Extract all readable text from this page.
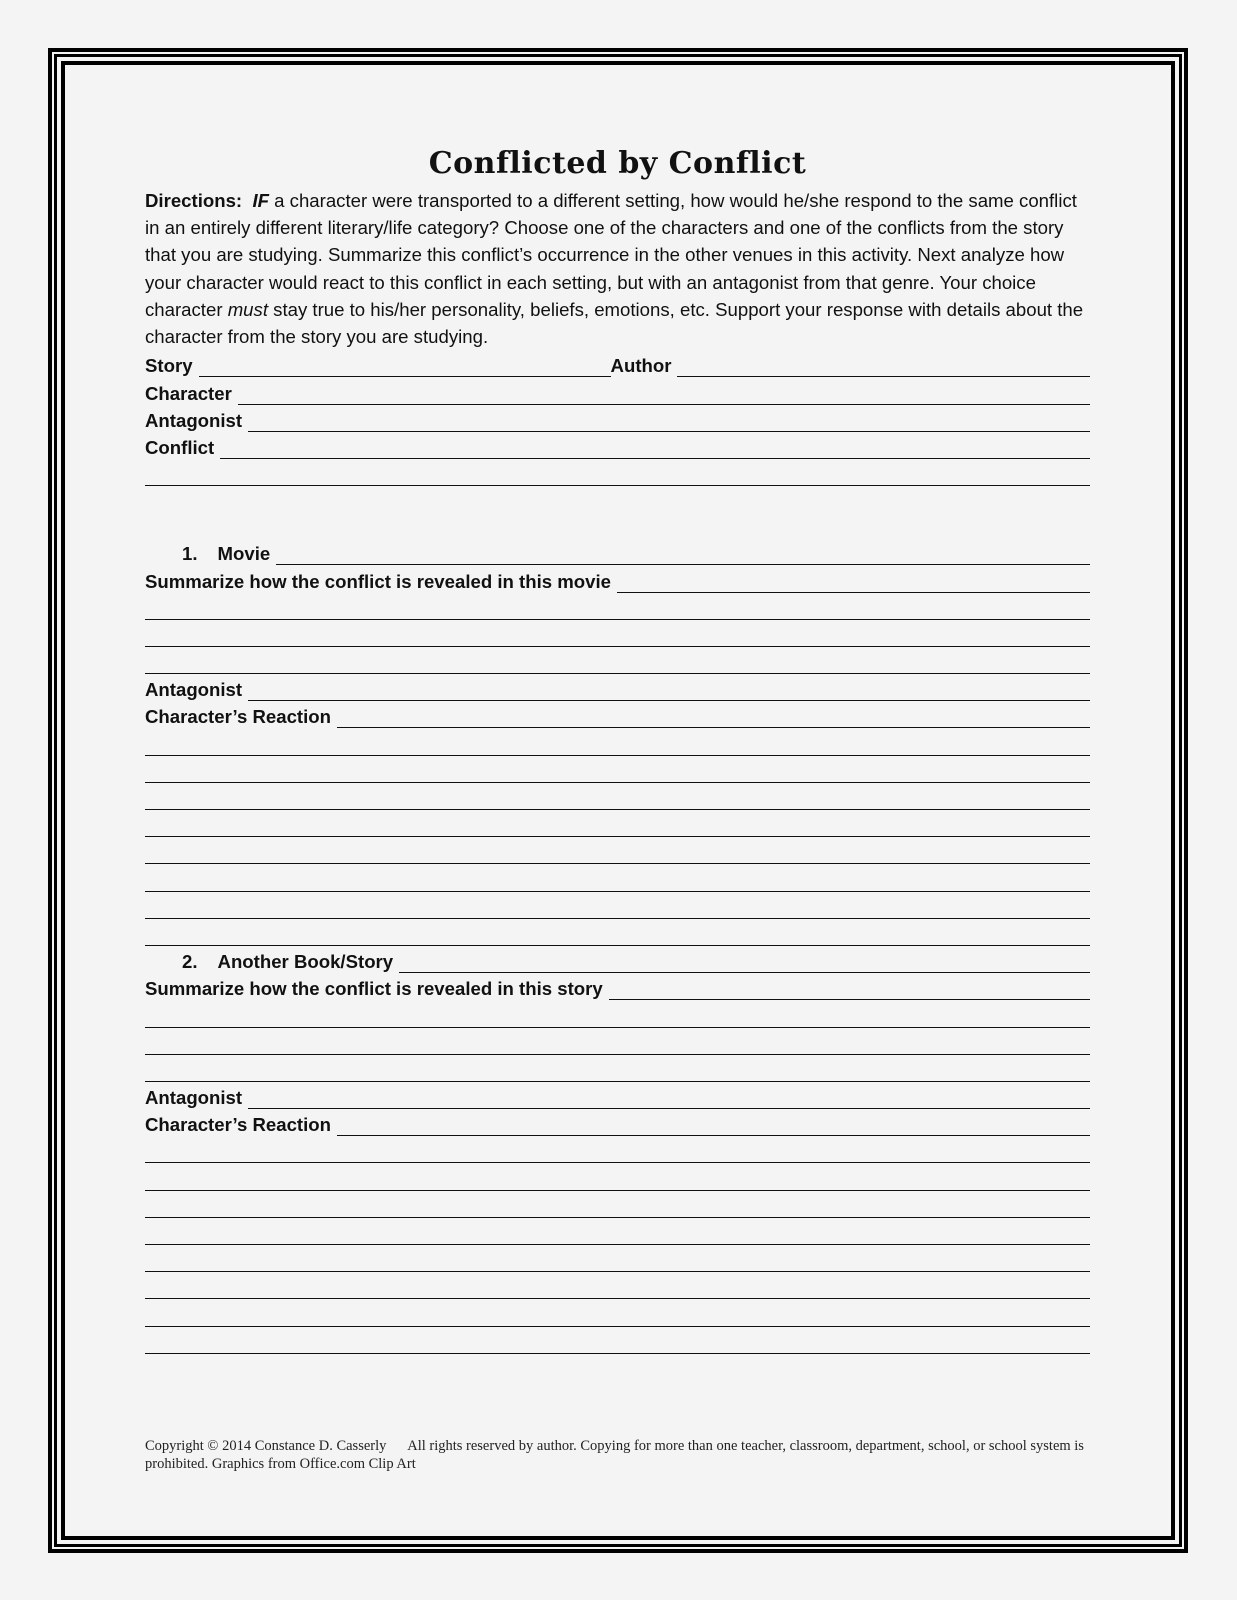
Conflicted by Conflict

Directions: IF a character were transported to a different setting, how would he/she respond to the same conflict in an entirely different literary/life category? Choose one of the characters and one of the conflicts from the story that you are studying. Summarize this conflict’s occurrence in the other venues in this activity. Next analyze how your character would react to this conflict in each setting, but with an antagonist from that genre. Your choice character must stay true to his/her personality, beliefs, emotions, etc. Support your response with details about the character from the story you are studying.

Story	Author
Character
Antagonist
Conflict
1.	Movie
Summarize how the conflict is revealed in this movie
Antagonist
Character’s Reaction
2.	Another Book/Story
Summarize how the conflict is revealed in this story
Antagonist
Character’s Reaction
Copyright © 2014 Constance D. Casserly All rights reserved by author. Copying for more than one teacher, classroom, department, school, or school system is prohibited. Graphics from Office.com Clip Art
